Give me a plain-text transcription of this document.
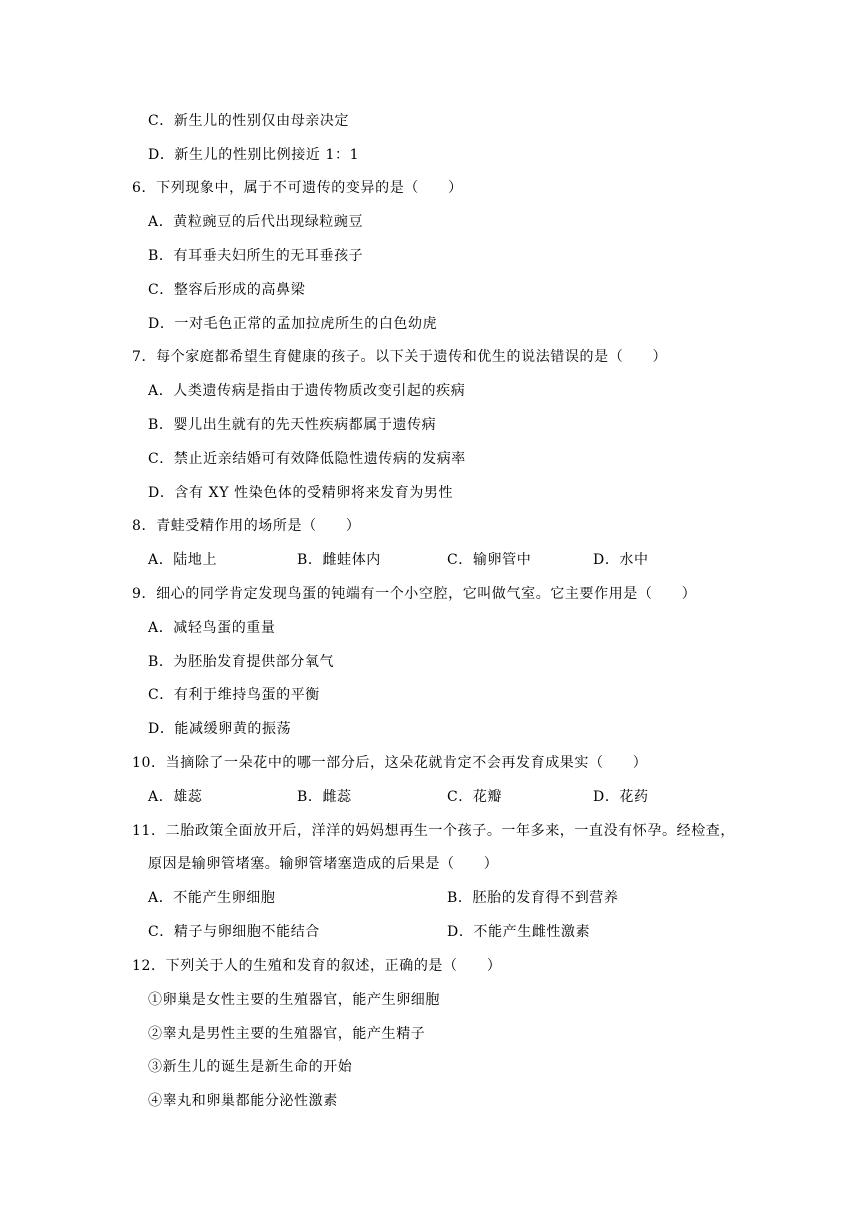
C．新生儿的性别仅由母亲决定
D．新生儿的性别比例接近 1：1
6．下列现象中，属于不可遗传的变异的是（　　）
A．黄粒豌豆的后代出现绿粒豌豆
B．有耳垂夫妇所生的无耳垂孩子
C．整容后形成的高鼻梁
D．一对毛色正常的孟加拉虎所生的白色幼虎
7．每个家庭都希望生育健康的孩子。以下关于遗传和优生的说法错误的是（　　）
A．人类遗传病是指由于遗传物质改变引起的疾病
B．婴儿出生就有的先天性疾病都属于遗传病
C．禁止近亲结婚可有效降低隐性遗传病的发病率
D．含有 XY 性染色体的受精卵将来发育为男性
8．青蛙受精作用的场所是（　　）
A．陆地上	B．雌蛙体内	C．输卵管中	D．水中
9．细心的同学肯定发现鸟蛋的钝端有一个小空腔，它叫做气室。它主要作用是（　　）
A．减轻鸟蛋的重量
B．为胚胎发育提供部分氧气
C．有利于维持鸟蛋的平衡
D．能减缓卵黄的振荡
10．当摘除了一朵花中的哪一部分后，这朵花就肯定不会再发育成果实（　　）
A．雄蕊	B．雌蕊	C．花瓣	D．花药
11．二胎政策全面放开后，洋洋的妈妈想再生一个孩子。一年多来，一直没有怀孕。经检查，
原因是输卵管堵塞。输卵管堵塞造成的后果是（　　）
A．不能产生卵细胞	B．胚胎的发育得不到营养
C．精子与卵细胞不能结合	D．不能产生雌性激素
12．下列关于人的生殖和发育的叙述，正确的是（　　）
①卵巢是女性主要的生殖器官，能产生卵细胞
②睾丸是男性主要的生殖器官，能产生精子
③新生儿的诞生是新生命的开始
④睾丸和卵巢都能分泌性激素
